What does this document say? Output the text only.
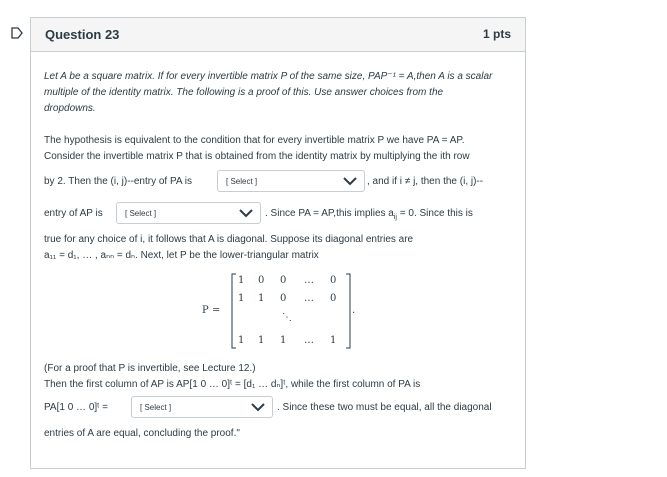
Question 23	1 pts

Let A be a square matrix. If for every invertible matrix P of the same size, PAP⁻¹ = A,then A is a scalar multiple of the identity matrix. The following is a proof of this. Use answer choices from the dropdowns.

The hypothesis is equivalent to the condition that for every invertible matrix P we have PA = AP.
Consider the invertible matrix P that is obtained from the identity matrix by multiplying the ith row
by 2. Then the (i, j)--entry of PA is	[ Select ]	, and if i ≠ j, then the (i, j)--
entry of AP is	[ Select ]	. Since PA = AP,this implies $a_{ij} = 0$. Since this is
true for any choice of i, it follows that A is diagonal. Suppose its diagonal entries are
a₁₁ = d₁, … , aₙₙ = dₙ. Next, let P be the lower-triangular matrix
P =
1 0 0 … 0
1 1 0 … 0
⋱
1 1 1 … 1
.
(For a proof that P is invertible, see Lecture 12.)
Then the first column of AP is AP[1 0 … 0]ᵗ = [d₁ … dₙ]ᵗ, while the first column of PA is
PA[1 0 … 0]ᵗ =	[ Select ]	. Since these two must be equal, all the diagonal
entries of A are equal, concluding the proof."
